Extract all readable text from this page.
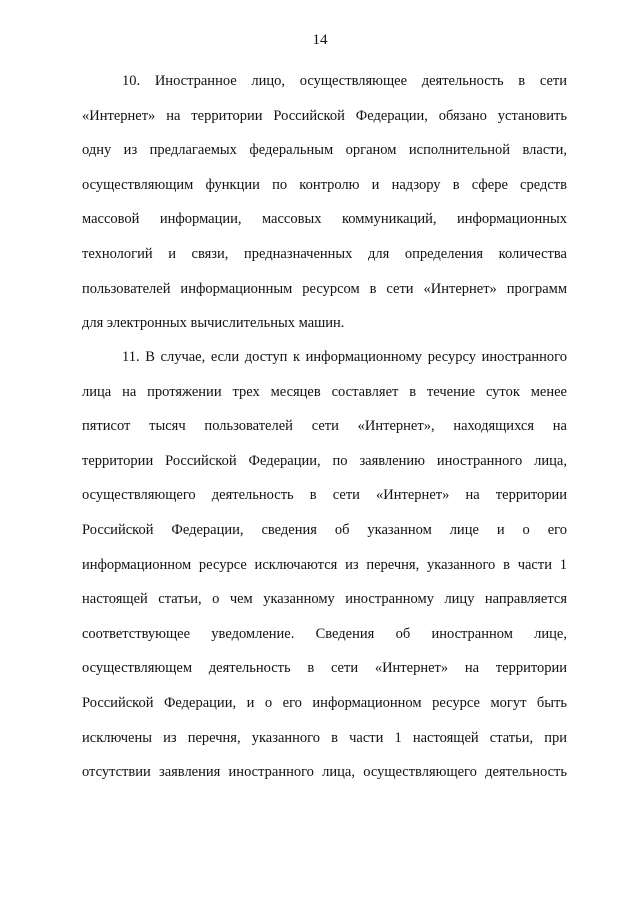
14
10. Иностранное лицо, осуществляющее деятельность в сети
«Интернет» на территории Российской Федерации, обязано установить
одну из предлагаемых федеральным органом исполнительной власти,
осуществляющим функции по контролю и надзору в сфере средств
массовой информации, массовых коммуникаций, информационных
технологий и связи, предназначенных для определения количества
пользователей информационным ресурсом в сети «Интернет» программ
для электронных вычислительных машин.
11. В случае, если доступ к информационному ресурсу иностранного
лица на протяжении трех месяцев составляет в течение суток менее
пятисот тысяч пользователей сети «Интернет», находящихся на
территории Российской Федерации, по заявлению иностранного лица,
осуществляющего деятельность в сети «Интернет» на территории
Российской Федерации, сведения об указанном лице и о его
информационном ресурсе исключаются из перечня, указанного в части 1
настоящей статьи, о чем указанному иностранному лицу направляется
соответствующее уведомление. Сведения об иностранном лице,
осуществляющем деятельность в сети «Интернет» на территории
Российской Федерации, и о его информационном ресурсе могут быть
исключены из перечня, указанного в части 1 настоящей статьи, при
отсутствии заявления иностранного лица, осуществляющего деятельность
